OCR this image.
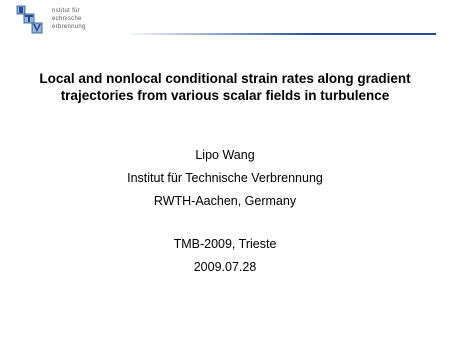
nstitut für
echnische
erbrennung
Local and nonlocal conditional strain rates along gradient
trajectories from various scalar fields in turbulence
Lipo Wang
Institut für Technische Verbrennung
RWTH-Aachen, Germany
TMB-2009, Trieste
2009.07.28
